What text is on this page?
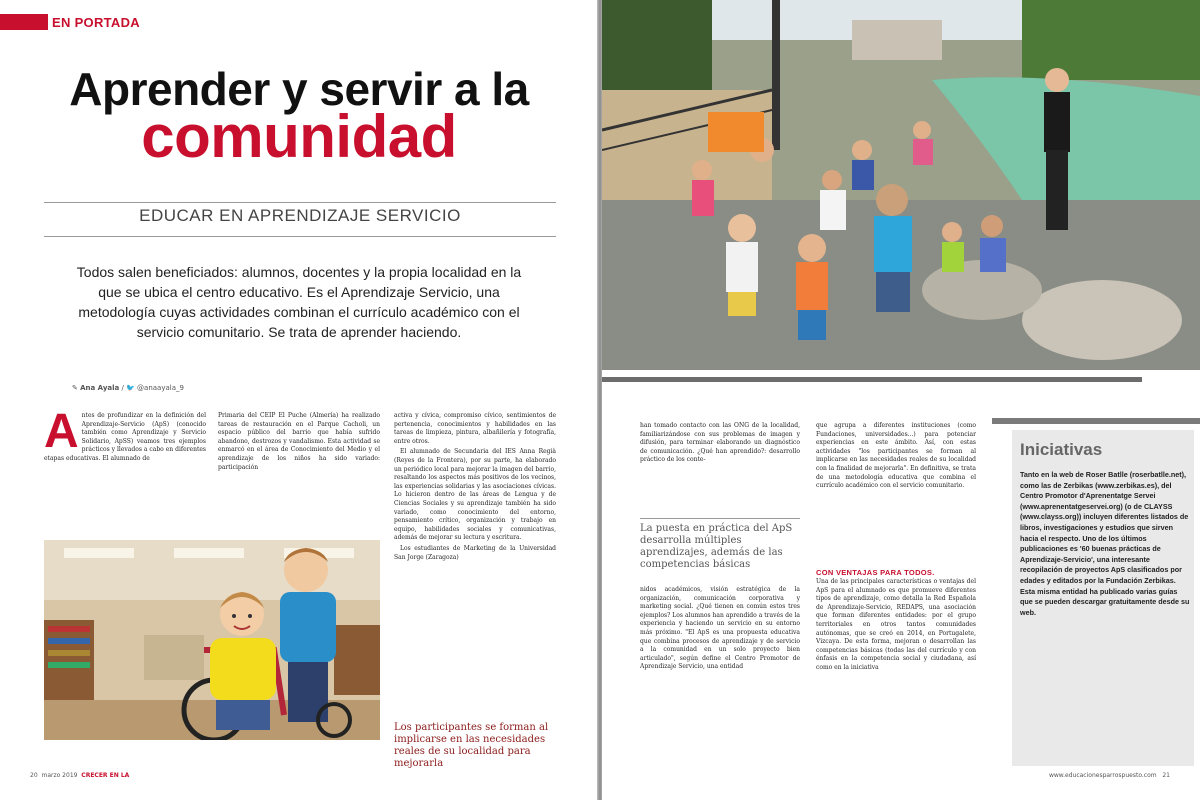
EN PORTADA
Aprender y servir a la
comunidad
EDUCAR EN APRENDIZAJE SERVICIO
Todos salen beneficiados: alumnos, docentes y la propia localidad en la que se ubica el centro educativo. Es el Aprendizaje Servicio, una metodología cuyas actividades combinan el currículo académico con el servicio comunitario. Se trata de aprender haciendo.
✎ Ana Ayala / 🐦 @anaayala_9
A ntes de profundizar en la definición del Aprendizaje-Servicio (ApS) (conocido también como Aprendizaje y Servicio Solidario, ApSS) veamos tres ejemplos prácticos y llevados a cabo en diferentes etapas educativas. El alumnado de
Primaria del CEIP El Puche (Almería) ha realizado tareas de restauración en el Parque Cacholi, un espacio público del barrio que había sufrido abandono, destrozos y vandalismo. Esta actividad se enmarcó en el área de Conocimiento del Medio y el aprendizaje de los niños ha sido variado: participación

activa y cívica, compromiso cívico, sentimientos de pertenencia, conocimientos y habilidades en las tareas de limpieza, pintura, albañilería y fotografía, entre otros.

El alumnado de Secundaria del IES Anna Regià (Reyes de la Frontera), por su parte, ha elaborado un periódico local para mejorar la imagen del barrio, resaltando los aspectos más positivos de los vecinos, las experiencias solidarias y las asociaciones cívicas. Lo hicieron dentro de las áreas de Lengua y de Ciencias Sociales y su aprendizaje también ha sido variado, como conocimiento del entorno, pensamiento crítico, organización y trabajo en equipo, habilidades sociales y comunicativas, además de mejorar su lectura y escritura.

Los estudiantes de Marketing de la Universidad San Jorge (Zaragoza)

Los participantes se forman al implicarse en las necesidades reales de su localidad para mejorarla
20 marzo 2019 CRECER EN LA
han tomado contacto con las ONG de la localidad, familiarizándose con sus problemas de imagen y difusión, para terminar elaborando un diagnóstico de comunicación. ¿Qué han aprendido?: desarrollo práctico de los conte-
La puesta en práctica del ApS desarrolla múltiples aprendizajes, además de las competencias básicas
nidos académicos, visión estratégica de la organización, comunicación corporativa y marketing social. ¿Qué tienen en común estos tres ejemplos? Los alumnos han aprendido a través de la experiencia y haciendo un servicio en su entorno más próximo. "El ApS es una propuesta educativa que combina procesos de aprendizaje y de servicio a la comunidad en un solo proyecto bien articulado", según define el Centro Promotor de Aprendizaje Servicio, una entidad
que agrupa a diferentes instituciones (como Fundaciones, universidades...) para potenciar experiencias en este ámbito. Así, con estas actividades "los participantes se forman al implicarse en las necesidades reales de su localidad con la finalidad de mejorarla". En definitiva, se trata de una metodología educativa que combina el currículo académico con el servicio comunitario.
CON VENTAJAS PARA TODOS.
Una de las principales características o ventajas del ApS para el alumnado es que promueve diferentes tipos de aprendizaje, como detalla la Red Española de Aprendizaje-Servicio, REDAPS, una asociación que forman diferentes entidades: por el grupo territoriales en otros tantos comunidades autónomas, que se creó en 2014, en Portugalete, Vizcaya. De esta forma, mejoran o desarrollan las competencias básicas (todas las del currículo y con énfasis en la competencia social y ciudadana, así como en la iniciativa
Iniciativas
Tanto en la web de Roser Batlle (roserbatlle.net), como las de Zerbikas (www.zerbikas.es), del Centro Promotor d'Aprenentatge Servei (www.aprenentatgeservei.org) (o de CLAYSS (www.clayss.org)) incluyen diferentes listados de libros, investigaciones y estudios que sirven hacia el respecto. Uno de los últimos publicaciones es '60 buenas prácticas de Aprendizaje-Servicio', una interesante recopilación de proyectos ApS clasificados por edades y editados por la Fundación Zerbikas. Esta misma entidad ha publicado varias guías que se pueden descargar gratuitamente desde su web.
www.educacionesparrospuesto.com 21
